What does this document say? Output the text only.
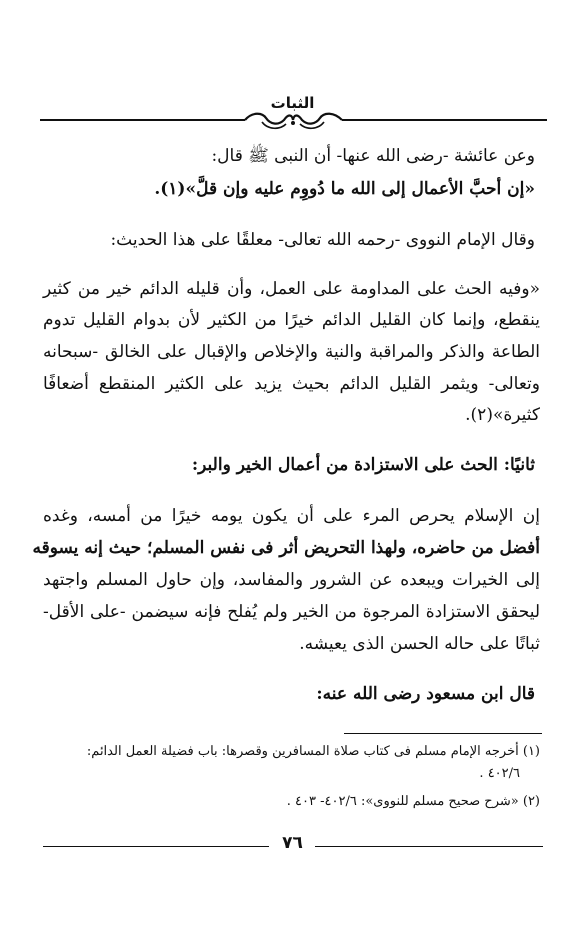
الثبات
وعن عائشة -رضى الله عنها- أن النبى ﷺ قال:
«إن أحبَّ الأعمال إلى الله ما دُووِم عليه وإن قلَّ»(١).
وقال الإمام النووى -رحمه الله تعالى- معلقًا على هذا الحديث:
«وفيه الحث على المداومة على العمل، وأن قليله الدائم خير من كثير
ينقطع، وإنما كان القليل الدائم خيرًا من الكثير لأن بدوام القليل تدوم
الطاعة والذكر والمراقبة والنية والإخلاص والإقبال على الخالق -سبحانه
وتعالى- ويثمر القليل الدائم بحيث يزيد على الكثير المنقطع أضعافًا
كثيرة»(٢).
ثانيًا: الحث على الاستزادة من أعمال الخير والبر:
إن الإسلام يحرص المرء على أن يكون يومه خيرًا من أمسه، وغده
أفضل من حاضره، ولهذا التحريض أثر فى نفس المسلم؛ حيث إنه يسوقه
إلى الخيرات ويبعده عن الشرور والمفاسد، وإن حاول المسلم واجتهد
ليحقق الاستزادة المرجوة من الخير ولم يُفلح فإنه سيضمن -على الأقل-
ثباتًا على حاله الحسن الذى يعيشه.
قال ابن مسعود رضى الله عنه:
(١) أخرجه الإمام مسلم فى كتاب صلاة المسافرين وقصرها: باب فضيلة العمل الدائم:
٤٠٢/٦ .
(٢) «شرح صحيح مسلم للنووى»: ٤٠٢/٦- ٤٠٣ .
٧٦
